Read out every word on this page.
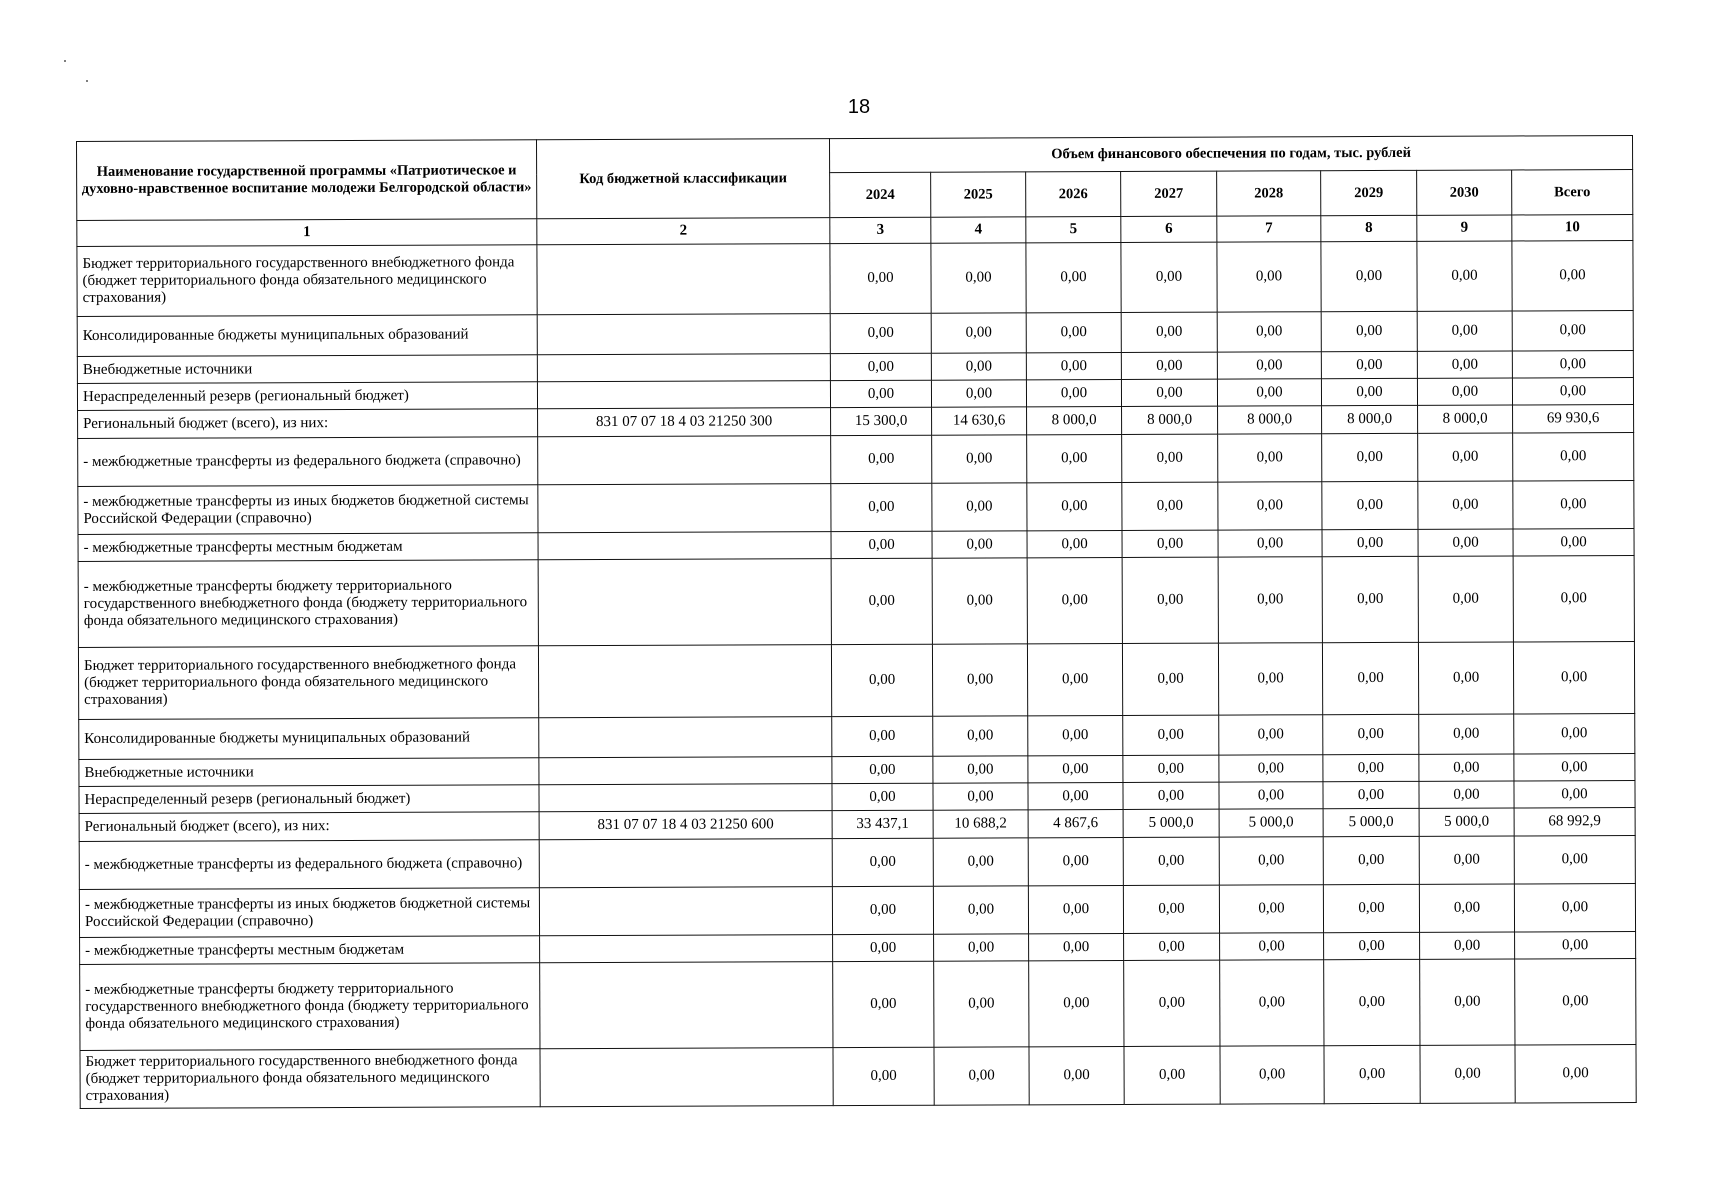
18
Наименование государственной программы «Патриотическое и духовно-нравственное воспитание молодежи Белгородской области»	Код бюджетной классификации	Объем финансового обеспечения по годам, тыс. рублей							
		2024	2025	2026	2027	2028	2029	2030	Всего
1	2	3	4	5	6	7	8	9	10
Бюджет территориального государственного внебюджетного фонда (бюджет территориального фонда обязательного медицинского страхования)		0,00	0,00	0,00	0,00	0,00	0,00	0,00	0,00
Консолидированные бюджеты муниципальных образований		0,00	0,00	0,00	0,00	0,00	0,00	0,00	0,00
Внебюджетные источники		0,00	0,00	0,00	0,00	0,00	0,00	0,00	0,00
Нераспределенный резерв (региональный бюджет)		0,00	0,00	0,00	0,00	0,00	0,00	0,00	0,00
Региональный бюджет (всего), из них:	831 07 07 18 4 03 21250 300	15 300,0	14 630,6	8 000,0	8 000,0	8 000,0	8 000,0	8 000,0	69 930,6
- межбюджетные трансферты из федерального бюджета (справочно)		0,00	0,00	0,00	0,00	0,00	0,00	0,00	0,00
- межбюджетные трансферты из иных бюджетов бюджетной системы Российской Федерации (справочно)		0,00	0,00	0,00	0,00	0,00	0,00	0,00	0,00
- межбюджетные трансферты местным бюджетам		0,00	0,00	0,00	0,00	0,00	0,00	0,00	0,00
- межбюджетные трансферты бюджету территориального государственного внебюджетного фонда (бюджету территориального фонда обязательного медицинского страхования)		0,00	0,00	0,00	0,00	0,00	0,00	0,00	0,00
Бюджет территориального государственного внебюджетного фонда (бюджет территориального фонда обязательного медицинского страхования)		0,00	0,00	0,00	0,00	0,00	0,00	0,00	0,00
Консолидированные бюджеты муниципальных образований		0,00	0,00	0,00	0,00	0,00	0,00	0,00	0,00
Внебюджетные источники		0,00	0,00	0,00	0,00	0,00	0,00	0,00	0,00
Нераспределенный резерв (региональный бюджет)		0,00	0,00	0,00	0,00	0,00	0,00	0,00	0,00
Региональный бюджет (всего), из них:	831 07 07 18 4 03 21250 600	33 437,1	10 688,2	4 867,6	5 000,0	5 000,0	5 000,0	5 000,0	68 992,9
- межбюджетные трансферты из федерального бюджета (справочно)		0,00	0,00	0,00	0,00	0,00	0,00	0,00	0,00
- межбюджетные трансферты из иных бюджетов бюджетной системы Российской Федерации (справочно)		0,00	0,00	0,00	0,00	0,00	0,00	0,00	0,00
- межбюджетные трансферты местным бюджетам		0,00	0,00	0,00	0,00	0,00	0,00	0,00	0,00
- межбюджетные трансферты бюджету территориального государственного внебюджетного фонда (бюджету территориального фонда обязательного медицинского страхования)		0,00	0,00	0,00	0,00	0,00	0,00	0,00	0,00
Бюджет территориального государственного внебюджетного фонда (бюджет территориального фонда обязательного медицинского страхования)		0,00	0,00	0,00	0,00	0,00	0,00	0,00	0,00
